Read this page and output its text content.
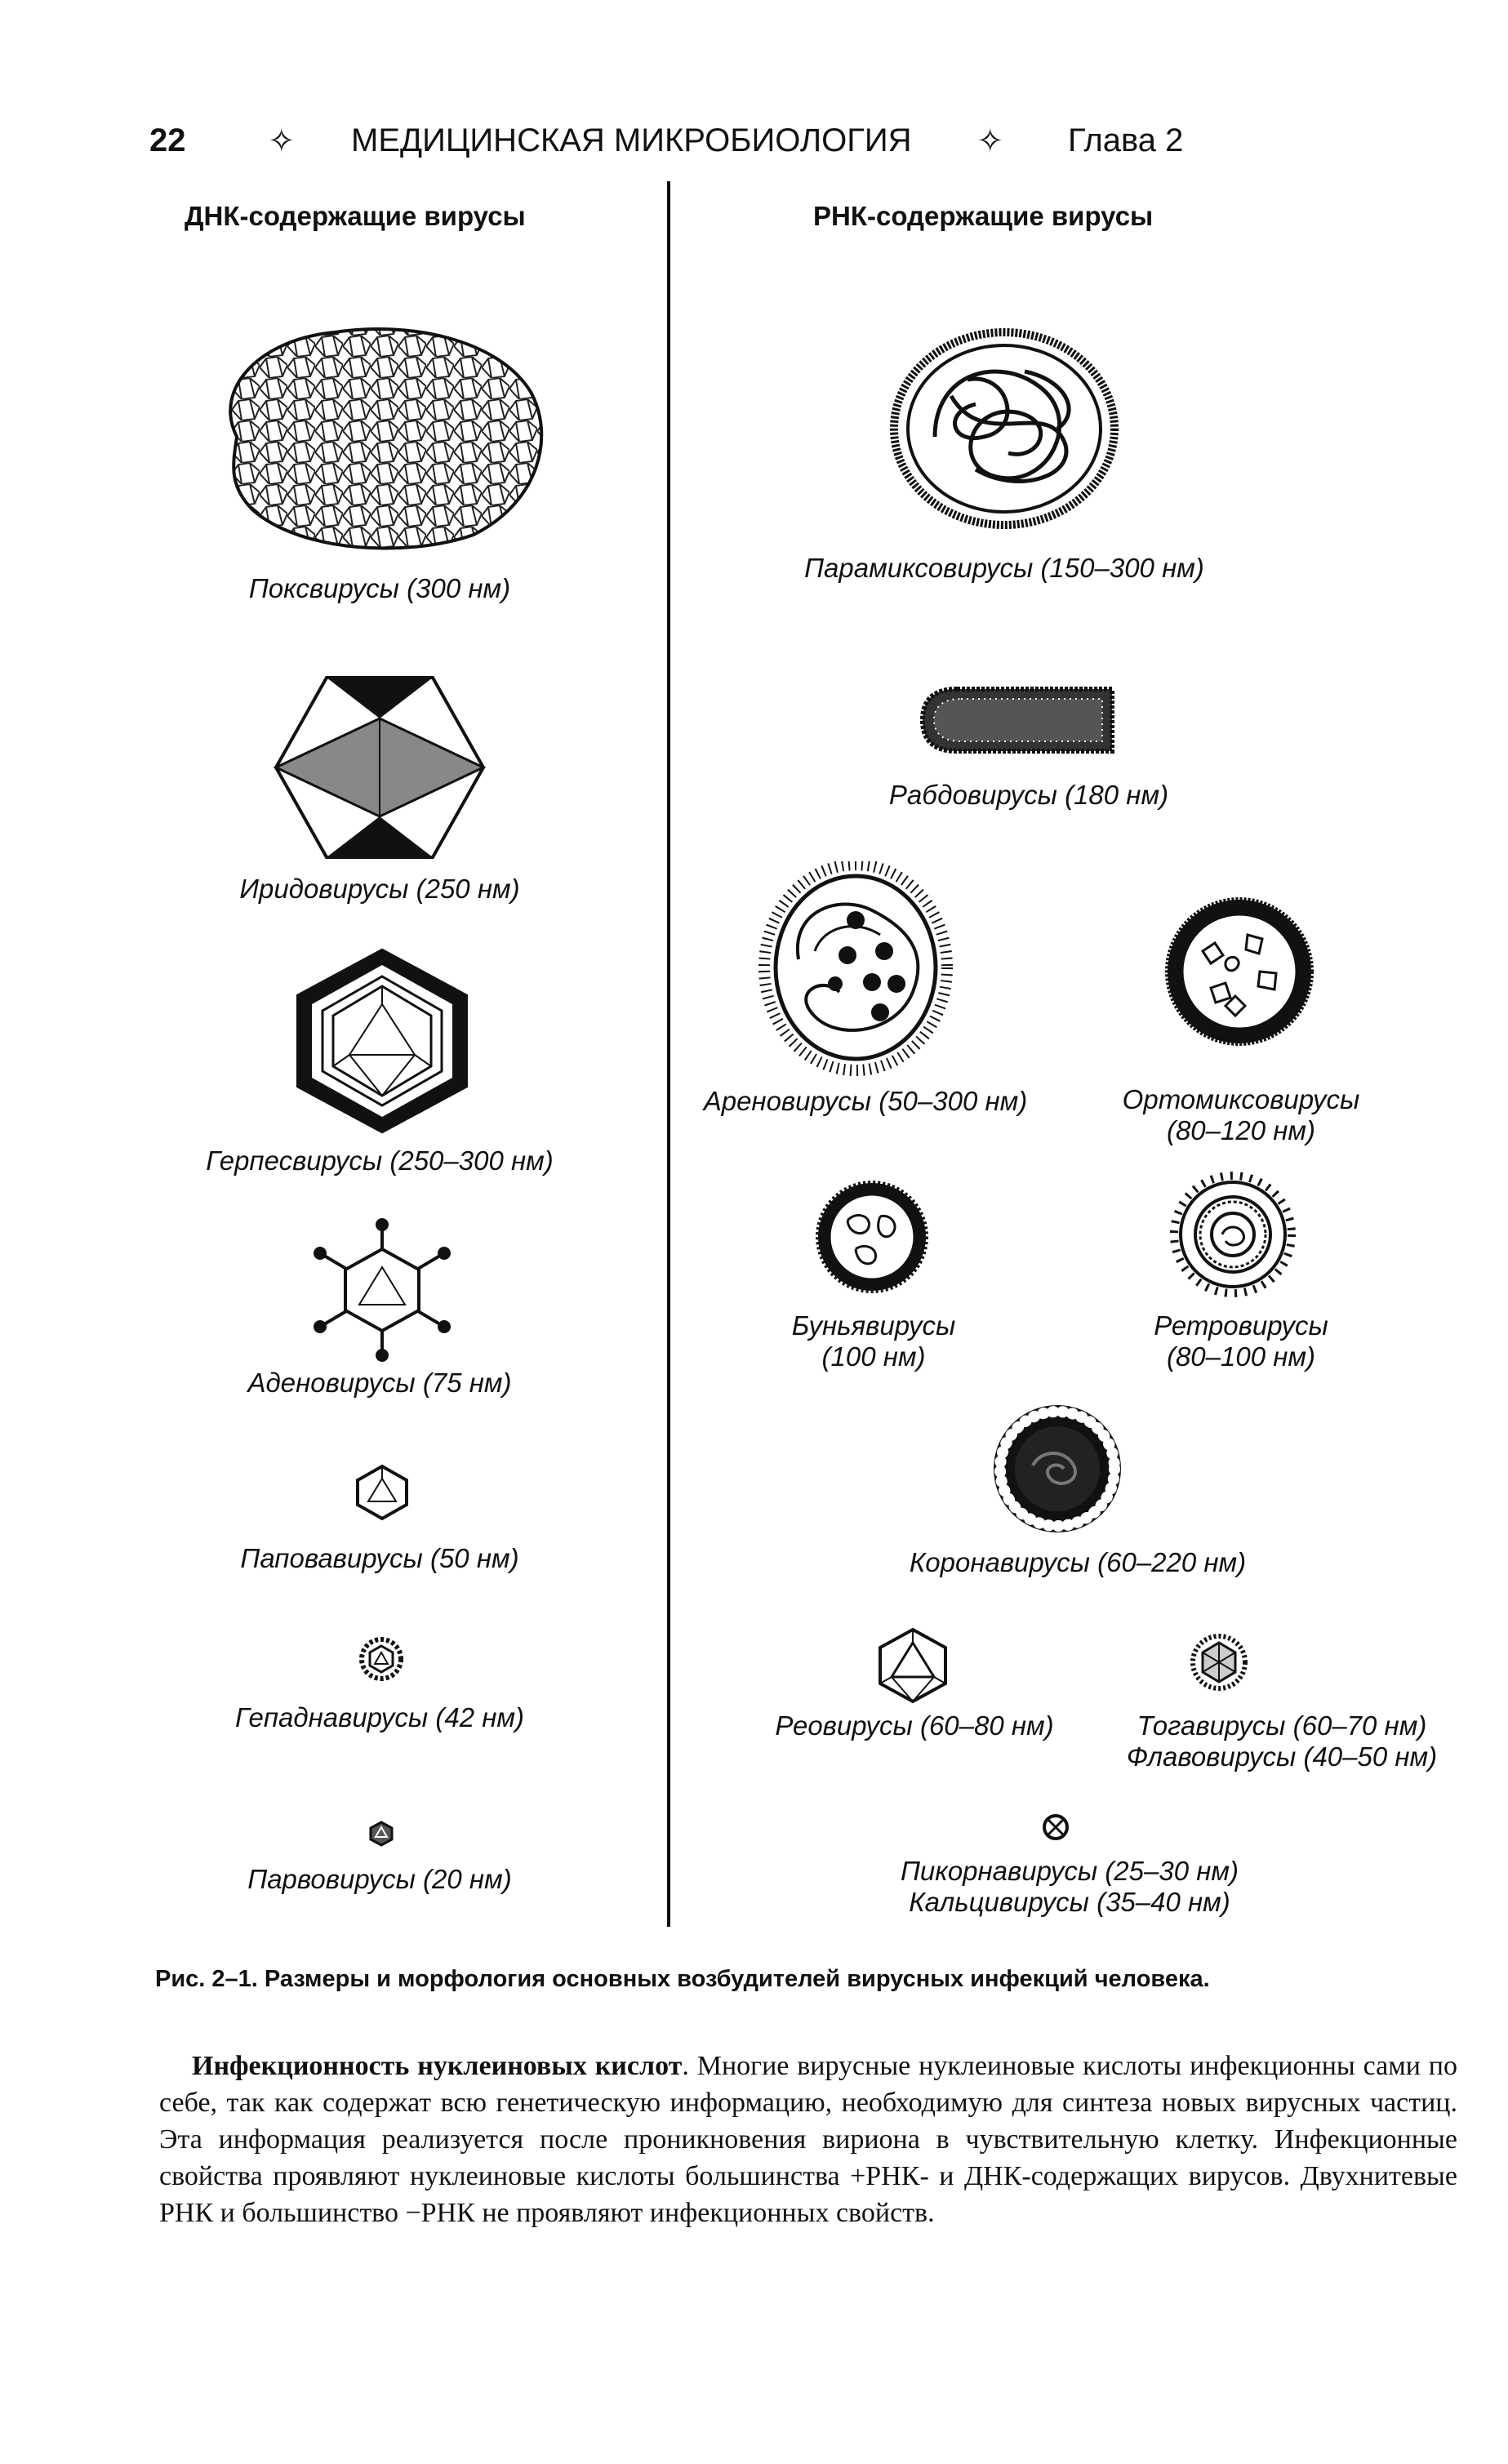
22	✧ МЕДИЦИНСКАЯ МИКРОБИОЛОГИЯ ✧ Глава 2
ДНК-содержащие вирусы	РНК-содержащие вирусы
Поксвирусы (300 нм)
Иридовирусы (250 нм)
Герпесвирусы (250–300 нм)
Аденовирусы (75 нм)
Паповавирусы (50 нм)
Гепаднавирусы (42 нм)
Парвовирусы (20 нм)
Парамиксовирусы (150–300 нм)
Рабдовирусы (180 нм)
Ареновирусы (50–300 нм)	Ортомиксовирусы
(80–120 нм)
Буньявирусы
(100 нм)
Ретровирусы
(80–100 нм)
Коронавирусы (60–220 нм)
Реовирусы (60–80 нм)	Тогавирусы (60–70 нм)
Флавовирусы (40–50 нм)
Пикорнавирусы (25–30 нм)
Кальцивирусы (35–40 нм)
Рис. 2–1. Размеры и морфология основных возбудителей вирусных инфекций человека.
Инфекционность нуклеиновых кислот. Многие вирусные нуклеиновые кислоты инфекционны сами по себе, так как содержат всю генетическую информацию, необходимую для синтеза новых вирусных частиц. Эта информация реализуется после проникновения вириона в чувствительную клетку. Инфекционные свойства проявляют нуклеиновые кислоты большинства +РНК- и ДНК-содержащих вирусов. Двухнитевые РНК и большинство −РНК не проявляют инфекционных свойств.
